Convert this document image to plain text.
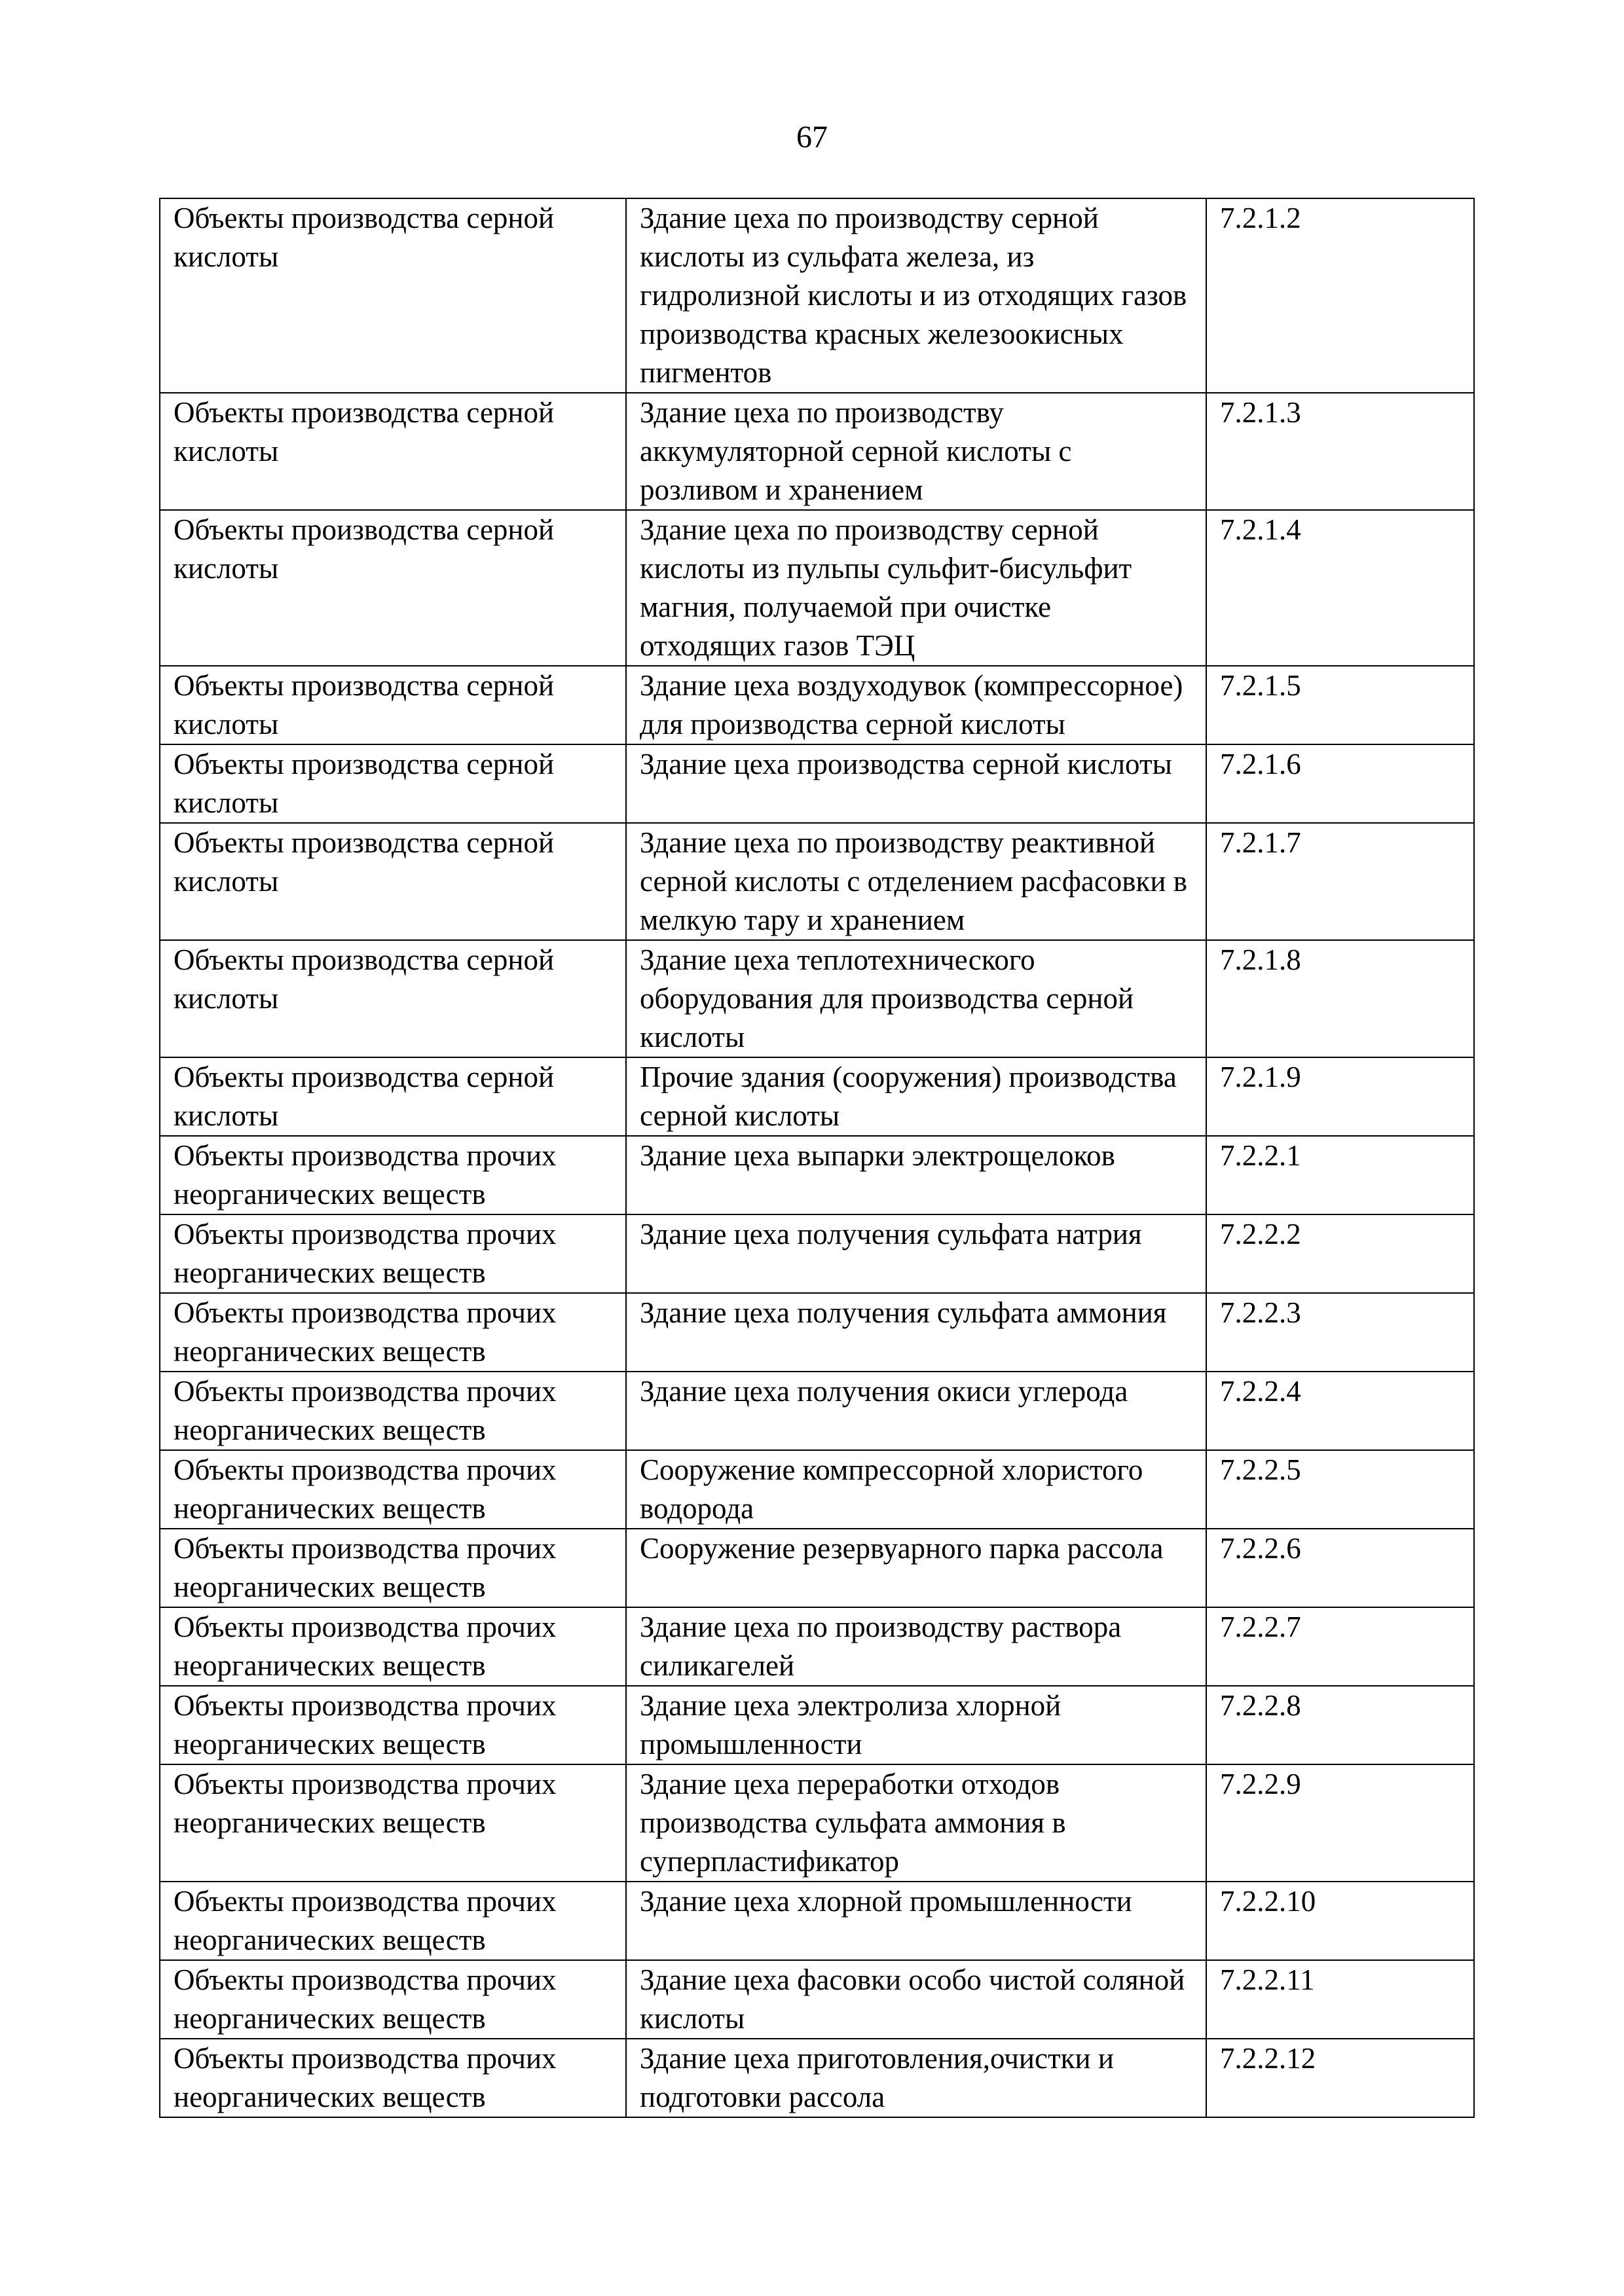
67
Объекты производства серной кислоты	Здание цеха по производству серной кислоты из сульфата железа, из гидролизной кислоты и из отходящих газов производства красных железоокисных пигментов	7.2.1.2
Объекты производства серной кислоты	Здание цеха по производству аккумуляторной серной кислоты с розливом и хранением	7.2.1.3
Объекты производства серной кислоты	Здание цеха по производству серной кислоты из пульпы сульфит-бисульфит магния, получаемой при очистке отходящих газов ТЭЦ	7.2.1.4
Объекты производства серной кислоты	Здание цеха воздуходувок (компрессорное) для производства серной кислоты	7.2.1.5
Объекты производства серной кислоты	Здание цеха производства серной кислоты	7.2.1.6
Объекты производства серной кислоты	Здание цеха по производству реактивной серной кислоты с отделением расфасовки в мелкую тару и хранением	7.2.1.7
Объекты производства серной кислоты	Здание цеха теплотехнического оборудования для производства серной кислоты	7.2.1.8
Объекты производства серной кислоты	Прочие здания (сооружения) производства серной кислоты	7.2.1.9
Объекты производства прочих неорганических веществ	Здание цеха выпарки электрощелоков	7.2.2.1
Объекты производства прочих неорганических веществ	Здание цеха получения сульфата натрия	7.2.2.2
Объекты производства прочих неорганических веществ	Здание цеха получения сульфата аммония	7.2.2.3
Объекты производства прочих неорганических веществ	Здание цеха получения окиси углерода	7.2.2.4
Объекты производства прочих неорганических веществ	Сооружение компрессорной хлористого водорода	7.2.2.5
Объекты производства прочих неорганических веществ	Сооружение резервуарного парка рассола	7.2.2.6
Объекты производства прочих неорганических веществ	Здание цеха по производству раствора силикагелей	7.2.2.7
Объекты производства прочих неорганических веществ	Здание цеха электролиза хлорной промышленности	7.2.2.8
Объекты производства прочих неорганических веществ	Здание цеха переработки отходов производства сульфата аммония в суперпластификатор	7.2.2.9
Объекты производства прочих неорганических веществ	Здание цеха хлорной промышленности	7.2.2.10
Объекты производства прочих неорганических веществ	Здание цеха фасовки особо чистой соляной кислоты	7.2.2.11
Объекты производства прочих неорганических веществ	Здание цеха приготовления,очистки и подготовки рассола	7.2.2.12
